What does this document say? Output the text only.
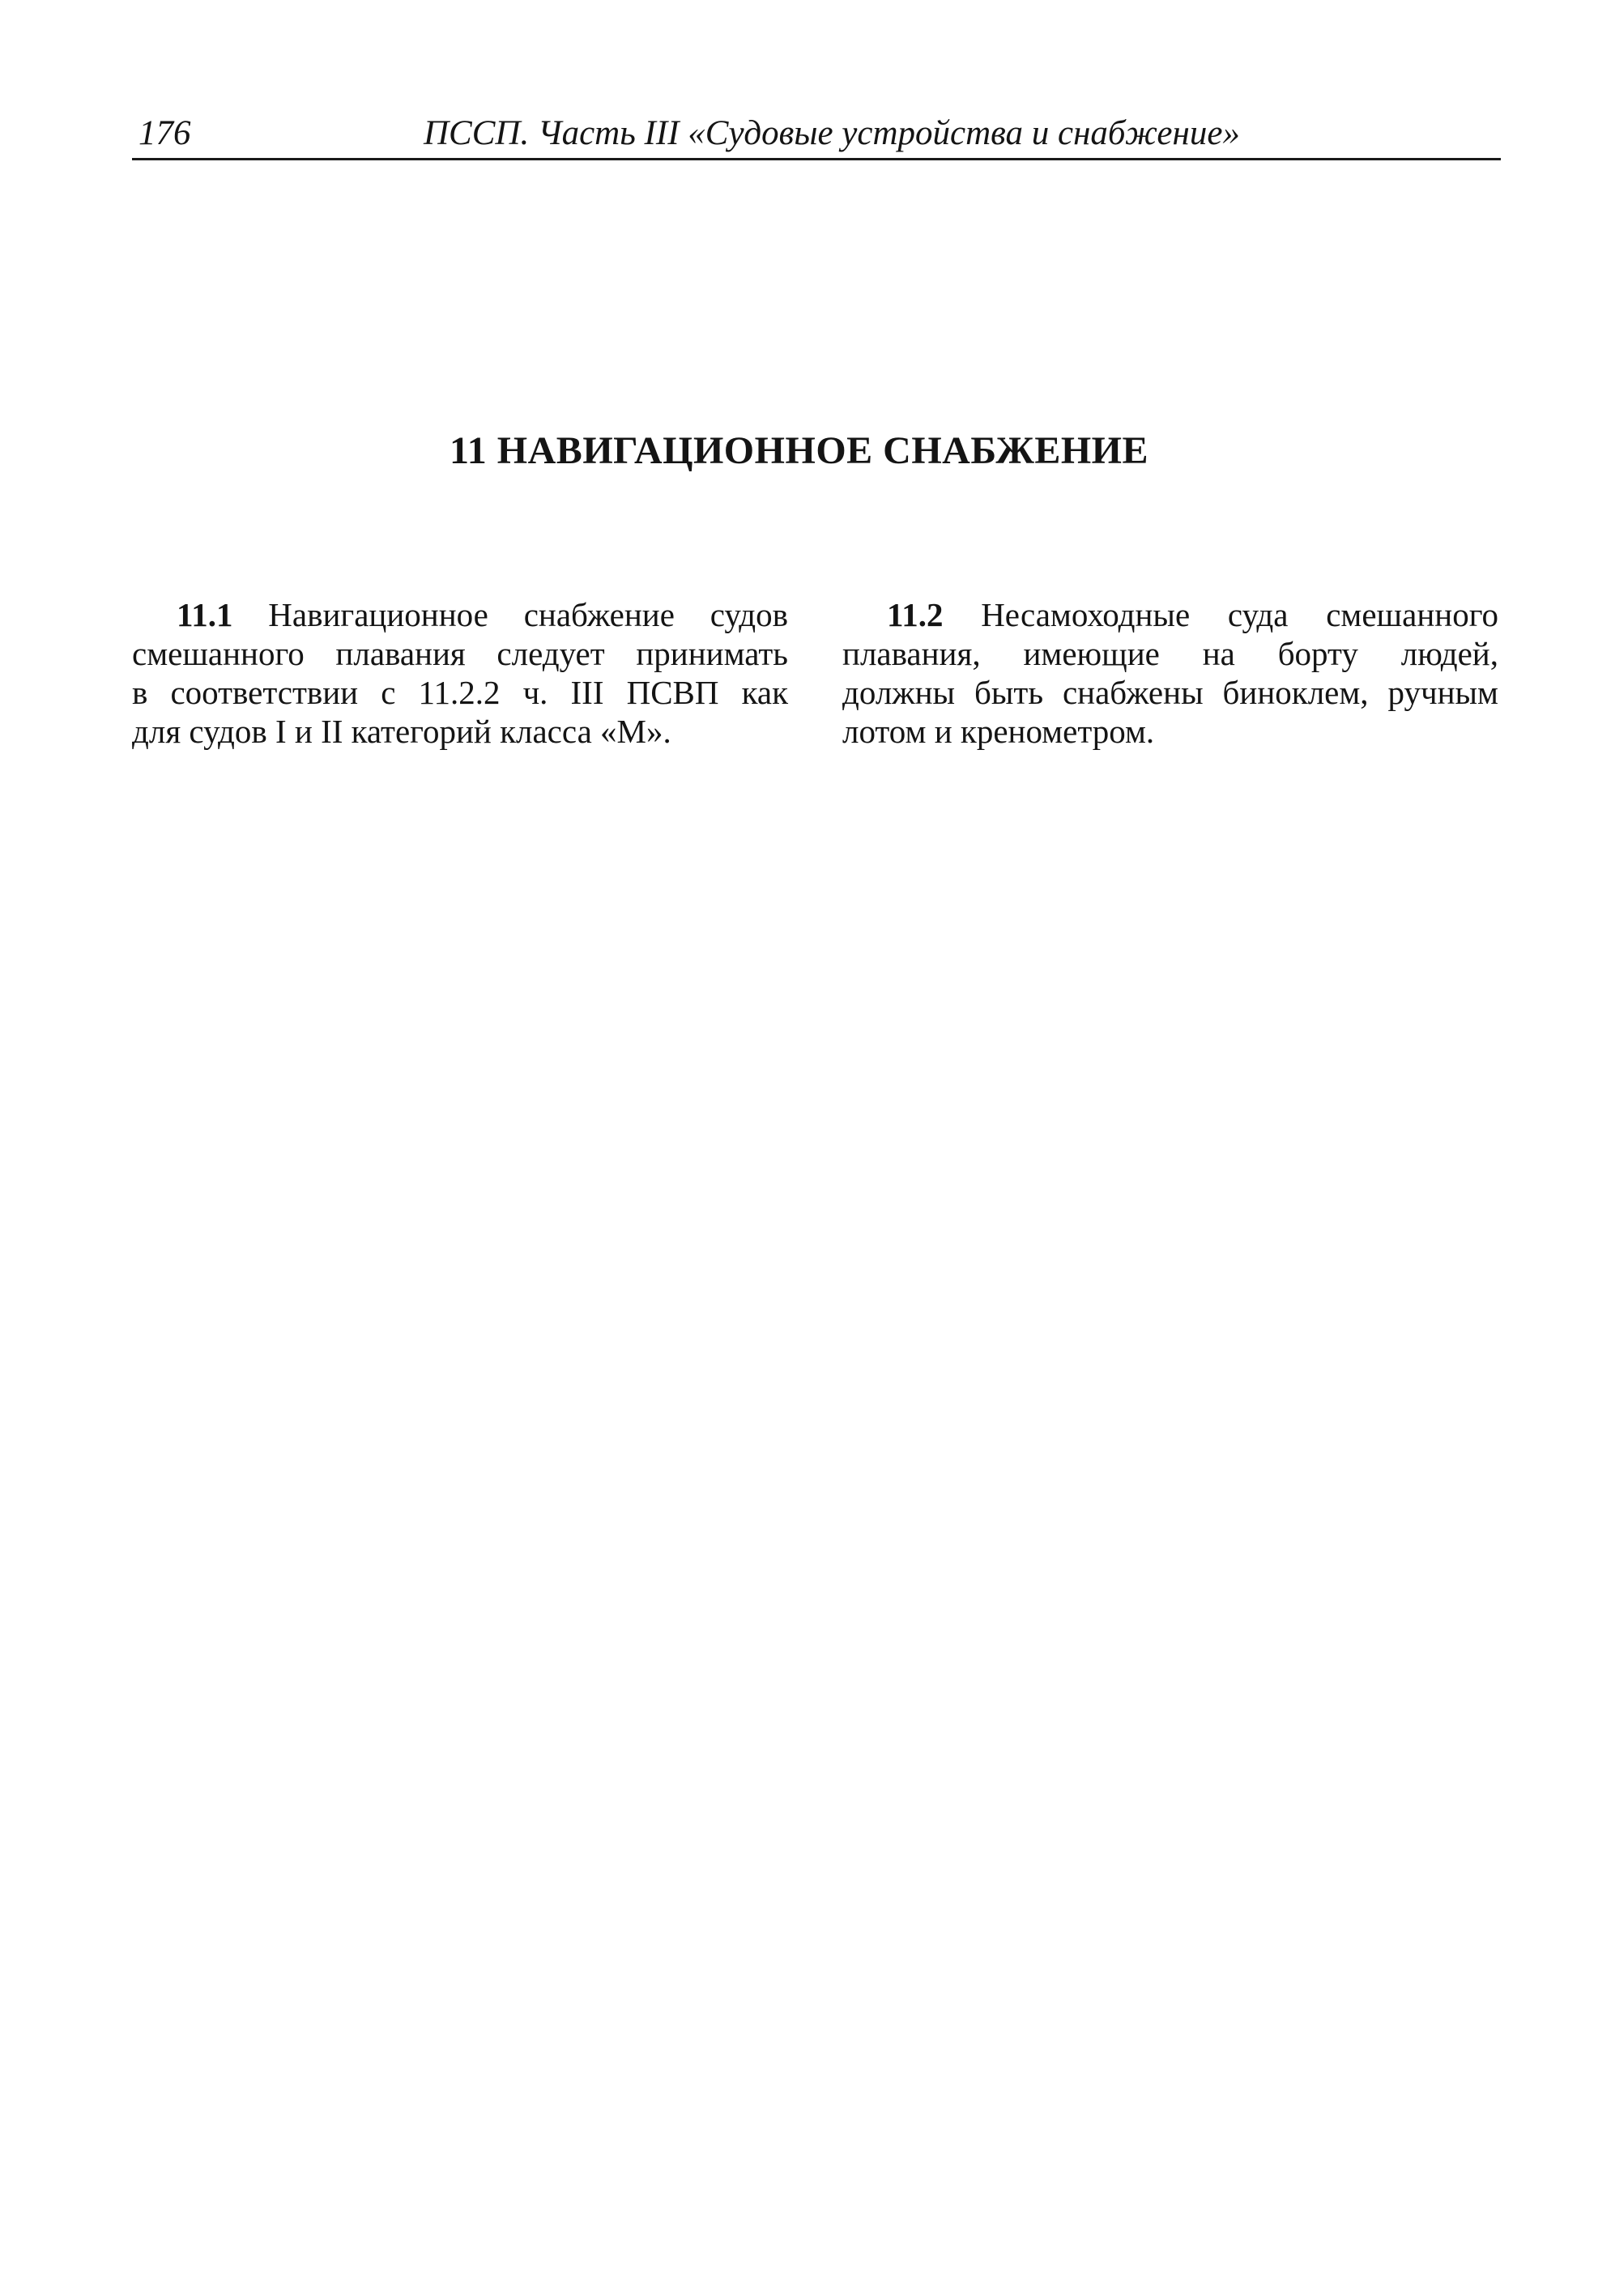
176	ПССП. Часть III «Судовые устройства и снабжение»
11 НАВИГАЦИОННОЕ СНАБЖЕНИЕ
11.1 Навигационное снабжение судов
смешанного плавания следует принимать
в соответствии с 11.2.2 ч. III ПСВП как
для судов I и II категорий класса «М».
11.2 Несамоходные суда смешанного
плавания, имеющие на борту людей,
должны быть снабжены биноклем, ручным
лотом и кренометром.
